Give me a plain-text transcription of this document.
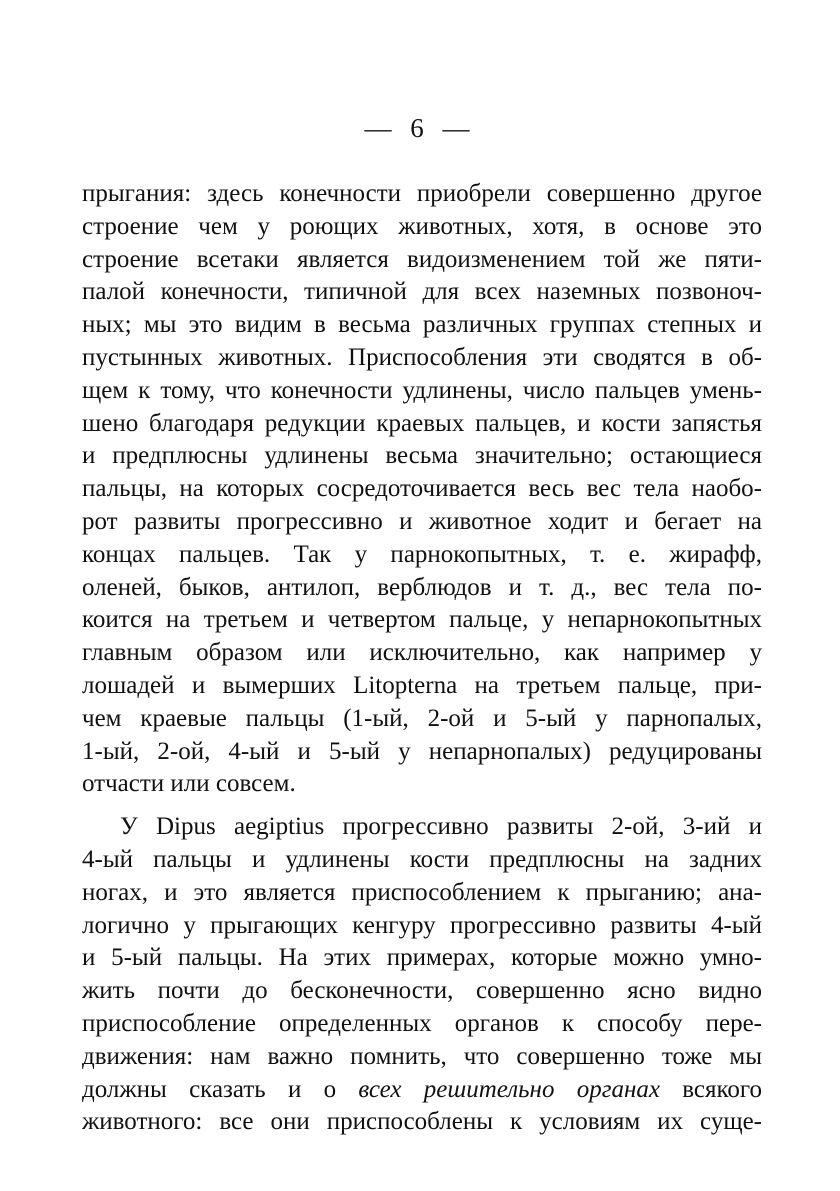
— 6 —
прыгания: здесь конечности приобрели совершенно другое
строение чем у роющих животных, хотя, в основе это
строение всетаки является видоизменением той же пяти-
палой конечности, типичной для всех наземных позвоноч-
ных; мы это видим в весьма различных группах степных и
пустынных животных. Приспособления эти сводятся в об-
щем к тому, что конечности удлинены, число пальцев умень-
шено благодаря редукции краевых пальцев, и кости запястья
и предплюсны удлинены весьма значительно; остающиеся
пальцы, на которых сосредоточивается весь вес тела наобо-
рот развиты прогрессивно и животное ходит и бегает на
концах пальцев. Так у парнокопытных, т. е. жирафф,
оленей, быков, антилоп, верблюдов и т. д., вес тела по-
коится на третьем и четвертом пальце, у непарнокопытных
главным образом или исключительно, как например у
лошадей и вымерших Litopterna на третьем пальце, при-
чем краевые пальцы (1-ый, 2-ой и 5-ый у парнопалых,
1-ый, 2-ой, 4-ый и 5-ый у непарнопалых) редуцированы
отчасти или совсем.
У Dipus aegiptius прогрессивно развиты 2-ой, 3-ий и
4-ый пальцы и удлинены кости предплюсны на задних
ногах, и это является приспособлением к прыганию; ана-
логично у прыгающих кенгуру прогрессивно развиты 4-ый
и 5-ый пальцы. На этих примерах, которые можно умно-
жить почти до бесконечности, совершенно ясно видно
приспособление определенных органов к способу пере-
движения: нам важно помнить, что совершенно тоже мы
должны сказать и о всех решительно органах всякого
животного: все они приспособлены к условиям их суще-
